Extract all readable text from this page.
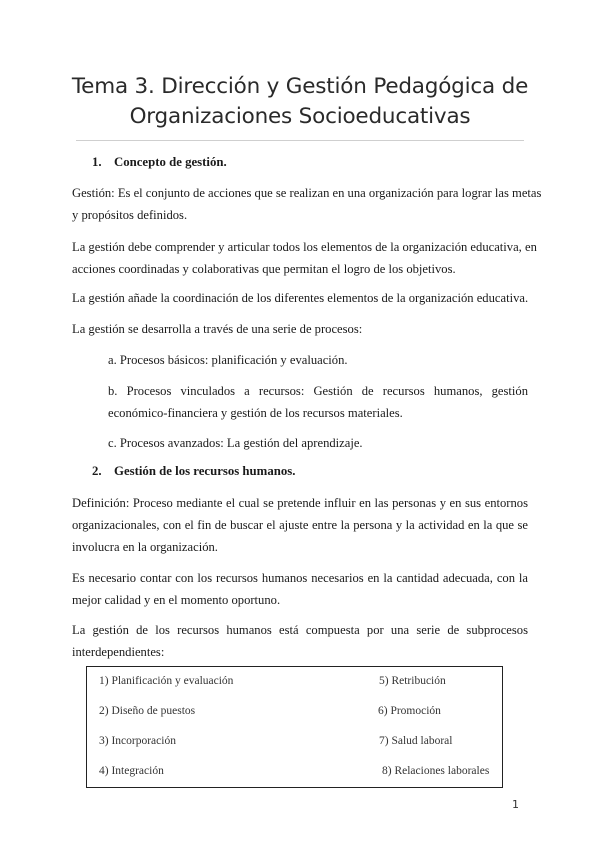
Tema 3. Dirección y Gestión Pedagógica de
Organizaciones Socioeducativas
1. Concepto de gestión.
Gestión: Es el conjunto de acciones que se realizan en una organización para lograr las metas
y propósitos definidos.
La gestión debe comprender y articular todos los elementos de la organización educativa, en
acciones coordinadas y colaborativas que permitan el logro de los objetivos.
La gestión añade la coordinación de los diferentes elementos de la organización educativa.
La gestión se desarrolla a través de una serie de procesos:
a. Procesos básicos: planificación y evaluación.
b. Procesos vinculados a recursos: Gestión de recursos humanos, gestión
económico-financiera y gestión de los recursos materiales.
c. Procesos avanzados: La gestión del aprendizaje.
2. Gestión de los recursos humanos.
Definición: Proceso mediante el cual se pretende influir en las personas y en sus entornos
organizacionales, con el fin de buscar el ajuste entre la persona y la actividad en la que se
involucra en la organización.
Es necesario contar con los recursos humanos necesarios en la cantidad adecuada, con la
mejor calidad y en el momento oportuno.
La gestión de los recursos humanos está compuesta por una serie de subprocesos
interdependientes:
1) Planificación y evaluación
2) Diseño de puestos
3) Incorporación
4) Integración
5) Retribución
6) Promoción
7) Salud laboral
8) Relaciones laborales
1
